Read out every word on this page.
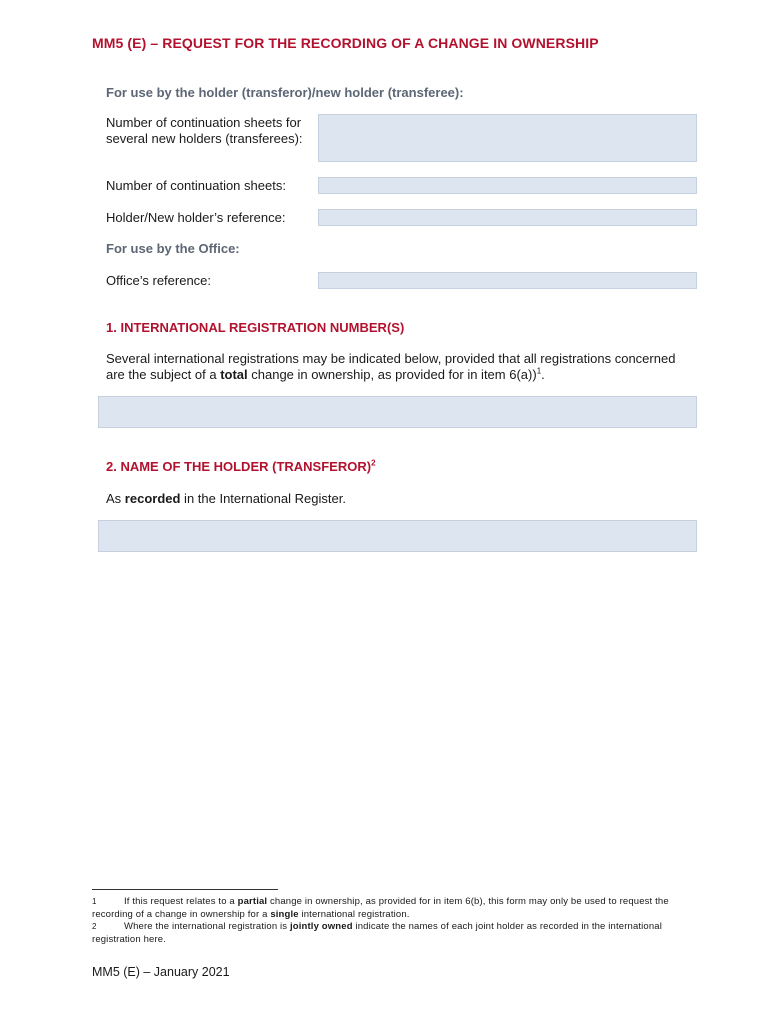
MM5 (E) – REQUEST FOR THE RECORDING OF A CHANGE IN OWNERSHIP
For use by the holder (transferor)/new holder (transferee):
Number of continuation sheets for several new holders (transferees):
Number of continuation sheets:
Holder/New holder’s reference:
For use by the Office:
Office’s reference:
1. INTERNATIONAL REGISTRATION NUMBER(S)
Several international registrations may be indicated below, provided that all registrations concerned are the subject of a total change in ownership, as provided for in item 6(a))$^1$.
2. NAME OF THE HOLDER (TRANSFEROR)$^2$
As recorded in the International Register.
1	If this request relates to a partial change in ownership, as provided for in item 6(b), this form may only be used to request the recording of a change in ownership for a single international registration.
2	Where the international registration is jointly owned indicate the names of each joint holder as recorded in the international registration here.
MM5 (E) – January 2021
